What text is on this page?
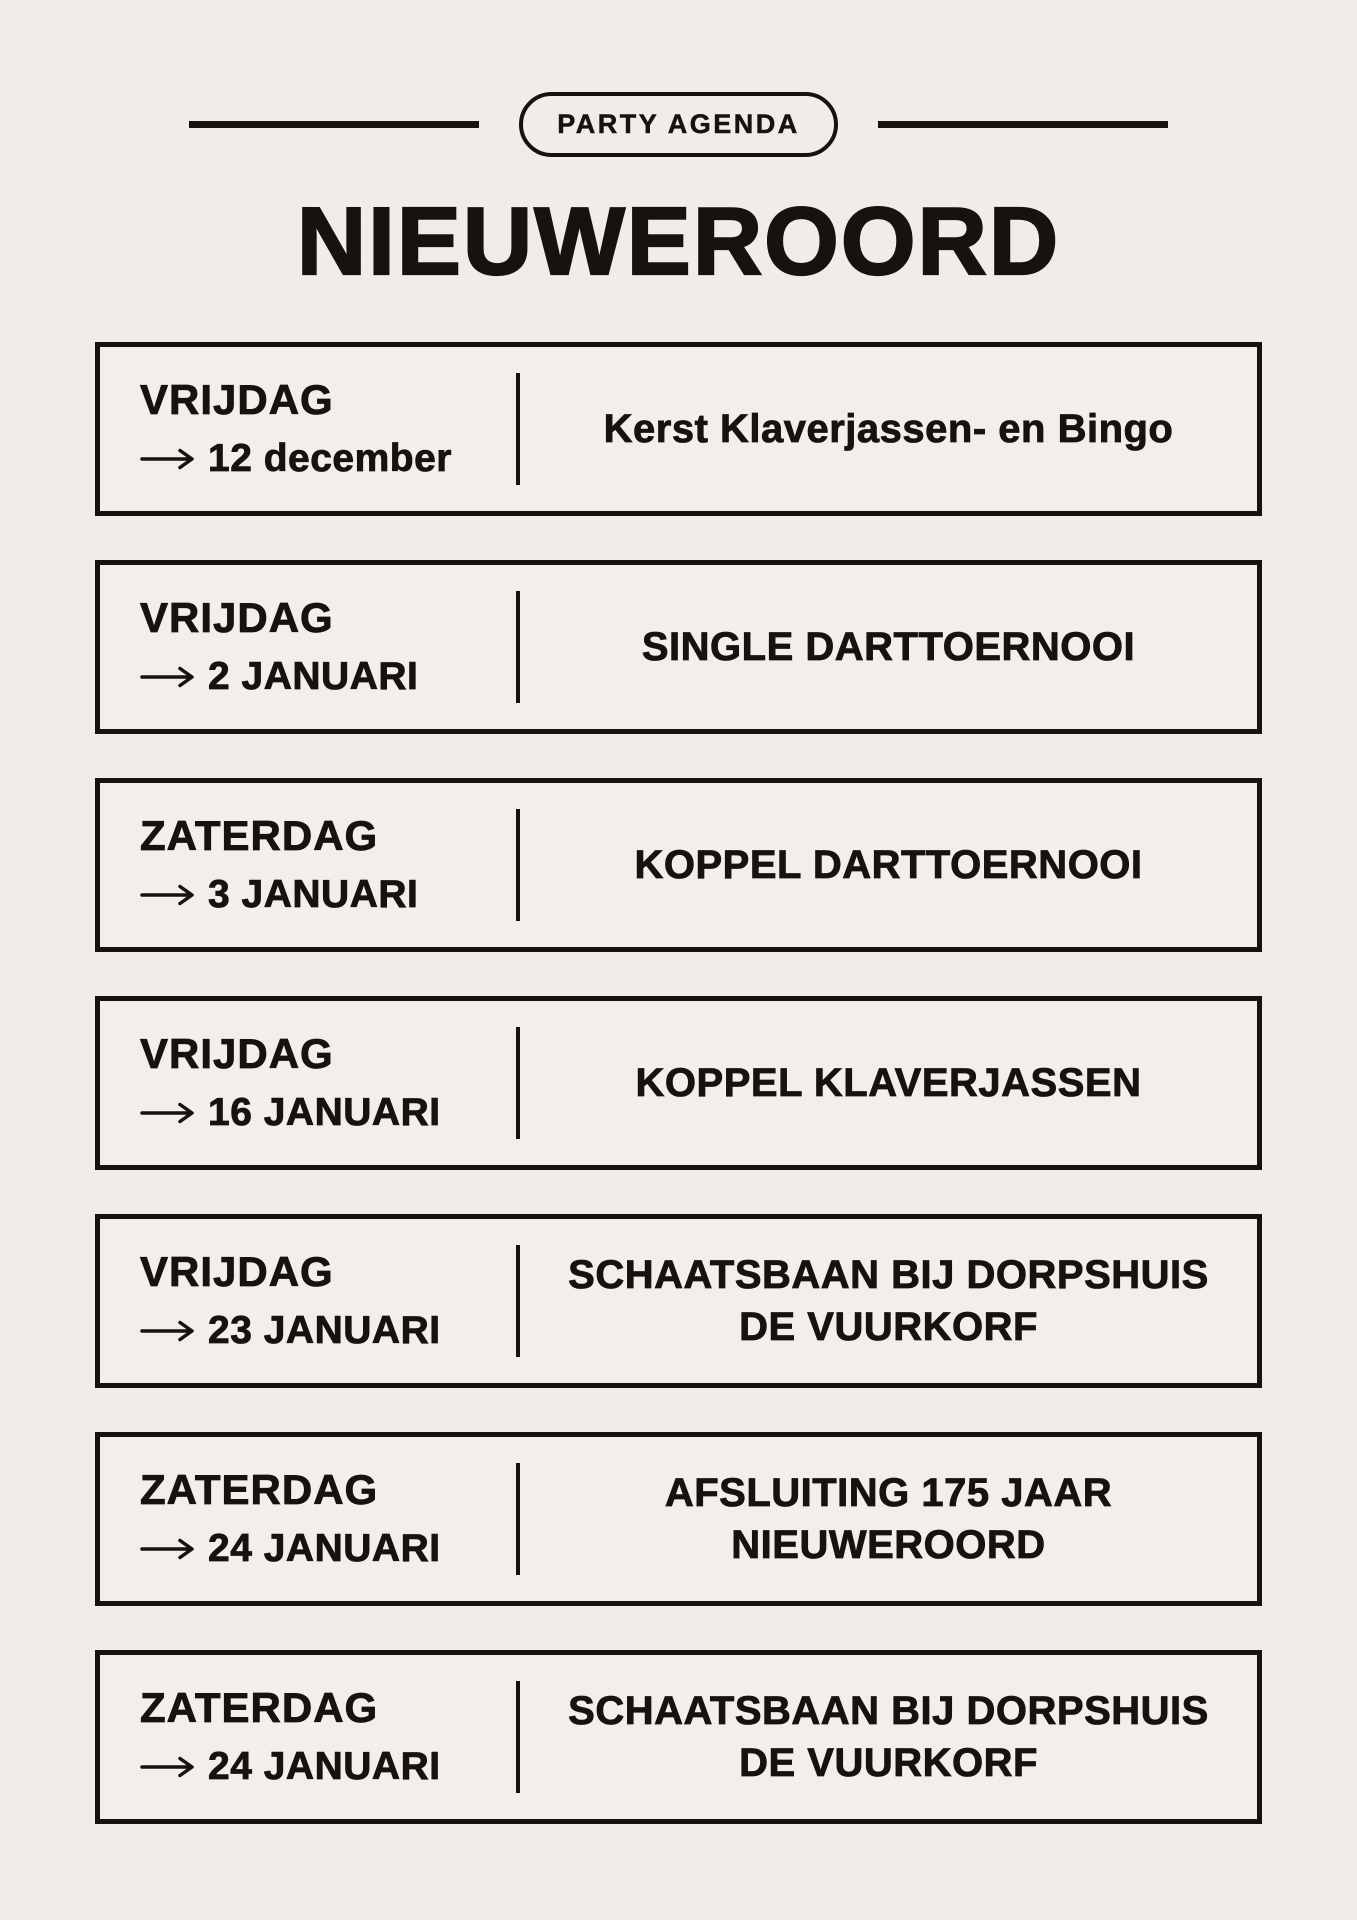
PARTY AGENDA
NIEUWEROORD
VRIJDAG
12 december
Kerst Klaverjassen- en Bingo
VRIJDAG
2 JANUARI
SINGLE DARTTOERNOOI
ZATERDAG
3 JANUARI
KOPPEL DARTTOERNOOI
VRIJDAG
16 JANUARI
KOPPEL KLAVERJASSEN
VRIJDAG
23 JANUARI
SCHAATSBAAN BIJ DORPSHUIS
DE VUURKORF
ZATERDAG
24 JANUARI
AFSLUITING 175 JAAR
NIEUWEROORD
ZATERDAG
24 JANUARI
SCHAATSBAAN BIJ DORPSHUIS
DE VUURKORF
